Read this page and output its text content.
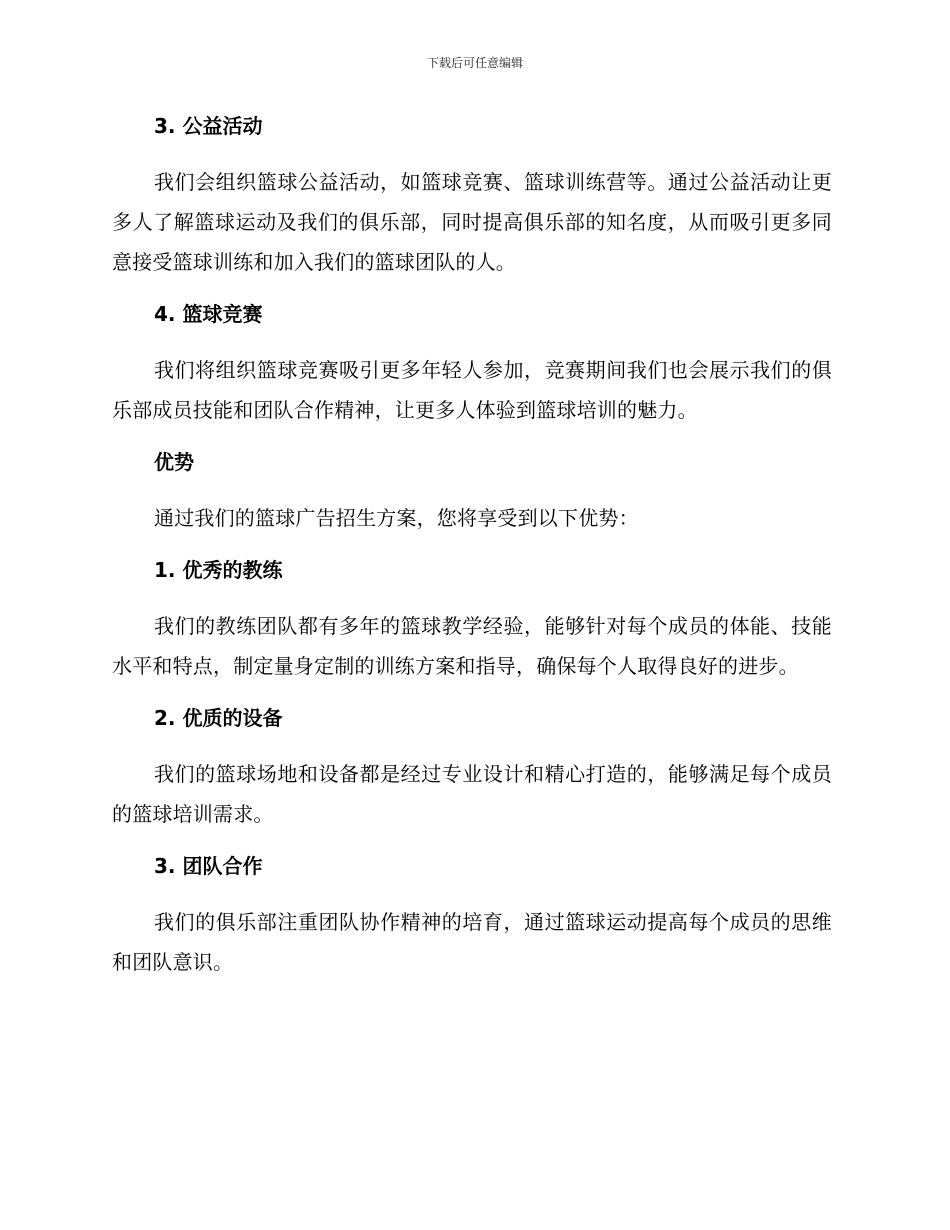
下载后可任意编辑
3. 公益活动

我们会组织篮球公益活动，如篮球竞赛、篮球训练营等。通过公益活动让更多人了解篮球运动及我们的俱乐部，同时提高俱乐部的知名度，从而吸引更多同意接受篮球训练和加入我们的篮球团队的人。

4. 篮球竞赛

我们将组织篮球竞赛吸引更多年轻人参加，竞赛期间我们也会展示我们的俱乐部成员技能和团队合作精神，让更多人体验到篮球培训的魅力。

优势

通过我们的篮球广告招生方案，您将享受到以下优势：

1. 优秀的教练

我们的教练团队都有多年的篮球教学经验，能够针对每个成员的体能、技能水平和特点，制定量身定制的训练方案和指导，确保每个人取得良好的进步。

2. 优质的设备

我们的篮球场地和设备都是经过专业设计和精心打造的，能够满足每个成员的篮球培训需求。

3. 团队合作

我们的俱乐部注重团队协作精神的培育，通过篮球运动提高每个成员的思维和团队意识。
